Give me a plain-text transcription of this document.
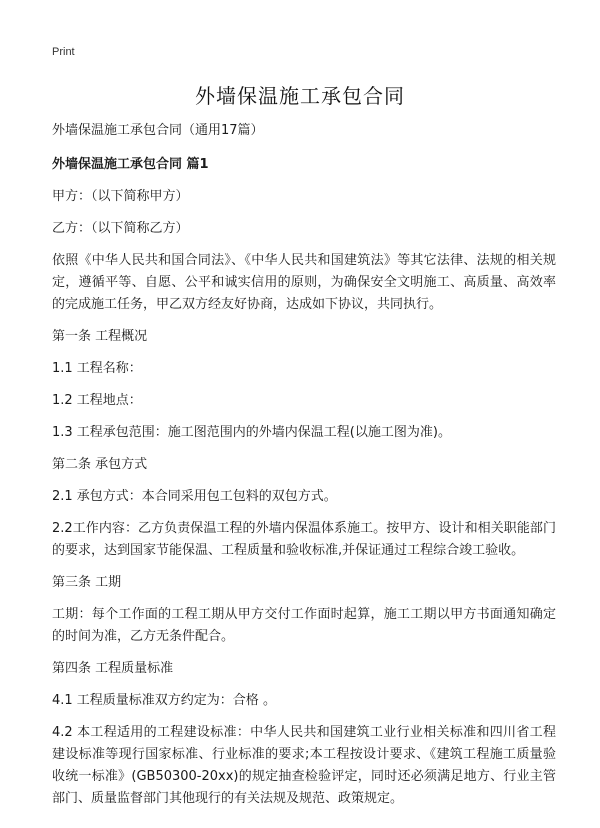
Print
外墙保温施工承包合同

外墙保温施工承包合同（通用17篇）

外墙保温施工承包合同 篇1

甲方：（以下简称甲方）

乙方：（以下简称乙方）

依照《中华人民共和国合同法》、《中华人民共和国建筑法》等其它法律、法规的相关规定，遵循平等、自愿、公平和诚实信用的原则，为确保安全文明施工、高质量、高效率的完成施工任务，甲乙双方经友好协商，达成如下协议，共同执行。

第一条 工程概况

1.1 工程名称：

1.2 工程地点：

1.3 工程承包范围：施工图范围内的外墙内保温工程(以施工图为准)。

第二条 承包方式

2.1 承包方式：本合同采用包工包料的双包方式。

2.2工作内容：乙方负责保温工程的外墙内保温体系施工。按甲方、设计和相关职能部门的要求，达到国家节能保温、工程质量和验收标准,并保证通过工程综合竣工验收。

第三条 工期

工期：每个工作面的工程工期从甲方交付工作面时起算，施工工期以甲方书面通知确定的时间为准，乙方无条件配合。

第四条 工程质量标准

4.1 工程质量标准双方约定为：合格 。

4.2 本工程适用的工程建设标准：中华人民共和国建筑工业行业相关标准和四川省工程建设标准等现行国家标准、行业标准的要求;本工程按设计要求、《建筑工程施工质量验收统一标准》(GB50300-20xx)的规定抽查检验评定，同时还必须满足地方、行业主管部门、质量监督部门其他现行的有关法规及规范、政策规定。
